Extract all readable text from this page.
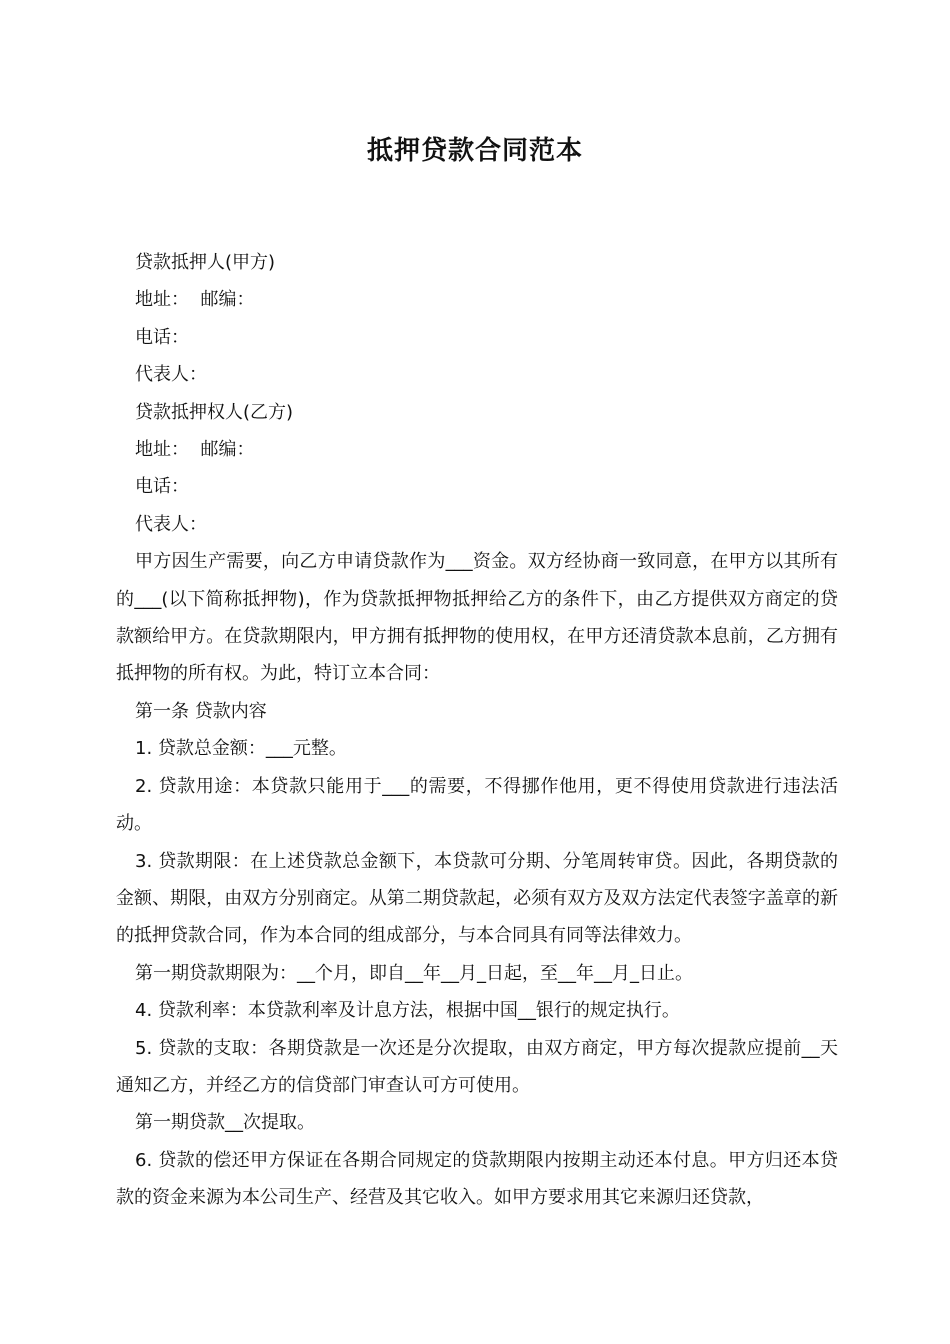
抵押贷款合同范本

贷款抵押人(甲方)

地址：  邮编：

电话：

代表人：

贷款抵押权人(乙方)

地址：  邮编：

电话：

代表人：

甲方因生产需要，向乙方申请贷款作为___资金。双方经协商一致同意，在甲方以其所有的___(以下简称抵押物)，作为贷款抵押物抵押给乙方的条件下，由乙方提供双方商定的贷款额给甲方。在贷款期限内，甲方拥有抵押物的使用权，在甲方还清贷款本息前，乙方拥有抵押物的所有权。为此，特订立本合同：

第一条 贷款内容

1. 贷款总金额：___元整。

2. 贷款用途：本贷款只能用于___的需要，不得挪作他用，更不得使用贷款进行违法活动。

3. 贷款期限：在上述贷款总金额下，本贷款可分期、分笔周转审贷。因此，各期贷款的金额、期限，由双方分别商定。从第二期贷款起，必须有双方及双方法定代表签字盖章的新的抵押贷款合同，作为本合同的组成部分，与本合同具有同等法律效力。

第一期贷款期限为：__个月，即自__年__月_日起，至__年__月_日止。

4. 贷款利率：本贷款利率及计息方法，根据中国__银行的规定执行。

5. 贷款的支取：各期贷款是一次还是分次提取，由双方商定，甲方每次提款应提前__天通知乙方，并经乙方的信贷部门审查认可方可使用。

第一期贷款__次提取。

6. 贷款的偿还甲方保证在各期合同规定的贷款期限内按期主动还本付息。甲方归还本贷款的资金来源为本公司生产、经营及其它收入。如甲方要求用其它来源归还贷款，
